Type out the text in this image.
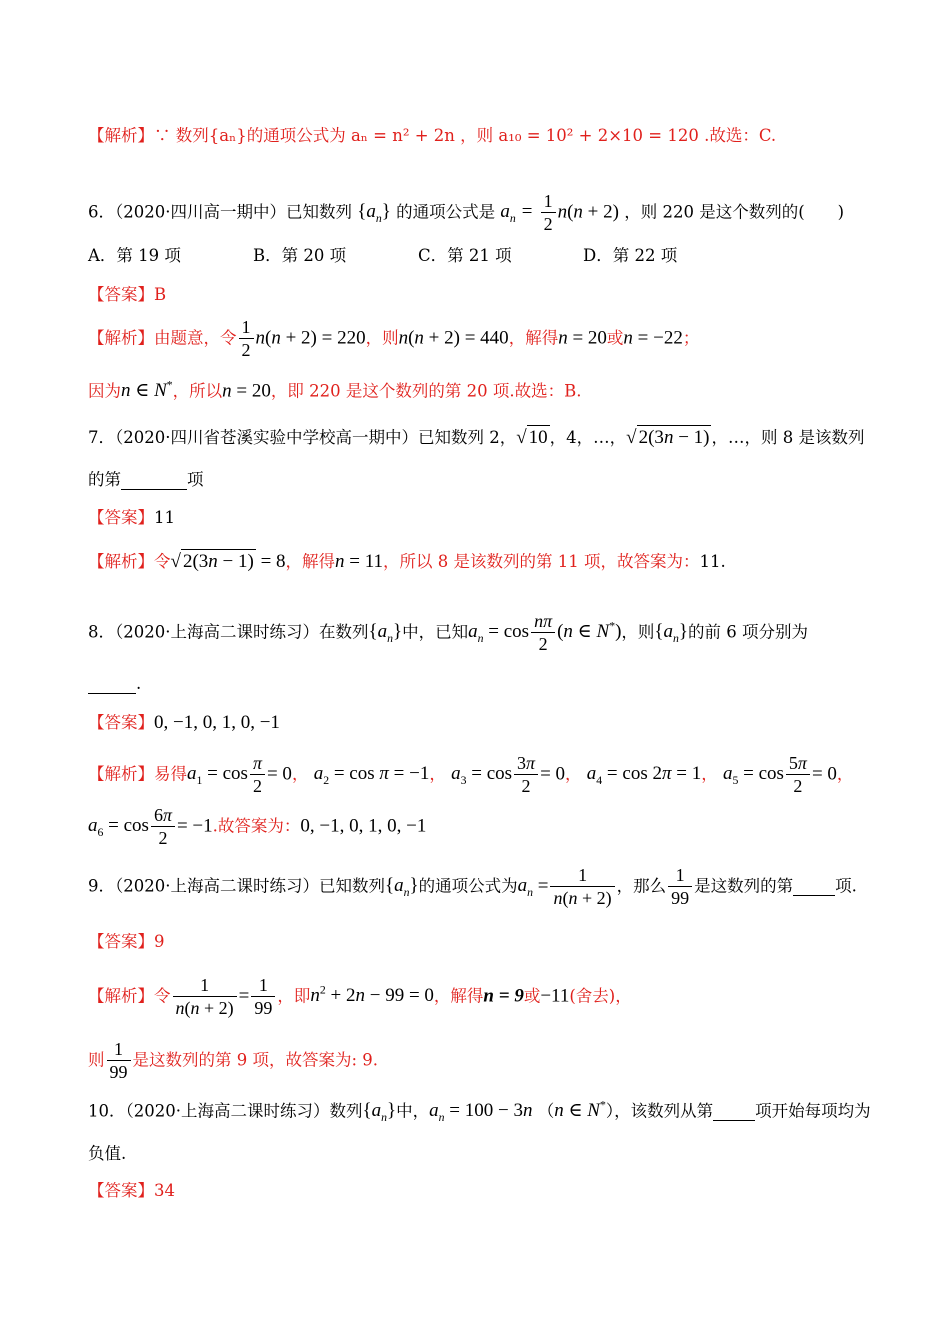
【解析】∵ 数列{aₙ}的通项公式为 aₙ = n² + 2n ，则 a₁₀ = 10² + 2×10 = 120 .故选：C.
6．（2020·四川高一期中）已知数列 $\{a_n\}$ 的通项公式是 $a_n = \frac{1}{2} n(n + 2)$ ，则 220 是这个数列的(　　)
A．第 19 项	B．第 20 项	C．第 21 项	D．第 22 项
【答案】B
【解析】由题意，令 $\frac{1}{2} n(n + 2) = 220$，则n(n + 2) = 440，解得n = 20或n = −22；
因为n ∈ N*，所以n = 20，即 220 是这个数列的第 20 项.故选：B.
7．（2020·四川省苍溪实验中学校高一期中）已知数列 2，√ 10 ，4，…，√ 2(3n − 1) ，…，则 8 是该数列
的第	项
【答案】11
【解析】令√ 2(3n − 1) = 8，解得n = 11，所以 8 是该数列的第 11 项，故答案为：11.
8．（2020·上海高二课时练习）在数列$\{a_n\}$中，已知$a_n = \cos \frac{n\pi}{2} (n$ ∈ N*)，则$\{a_n\}$的前 6 项分别为
.
【答案】0, −1, 0, 1, 0, −1
【解析】易得$a_1 = \cos \frac{\pi}{2} = 0$， $a_2 = \cos \pi = -1$， $a_3 = \cos \frac{3\pi}{2} = 0$， $a_4 = \cos 2\pi = 1$， $a_5 = \cos \frac{5\pi}{2} = 0$，
$a_6 = \cos \frac{6\pi}{2} = -1$.故答案为：0, −1, 0, 1, 0, −1
9．（2020·上海高二课时练习）已知数列$\{a_n\}$的通项公式为$a_n = \frac{1}{n(n + 2)}$ ，那么 $\frac{1}{99}$ 是这数列的第	项.
【答案】9
【解析】令 $\frac{1}{n(n + 2)} = \frac{1}{99}$ ，即$n^2 + 2n - 99 = 0$，解得n = 9或−11(舍去)，
则 $\frac{1}{99}$ 是这数列的第 9 项，故答案为: 9.
10．（2020·上海高二课时练习）数列$\{a_n\}$中，$a_n = 100 - 3n$ （n ∈ N*），该数列从第	项开始每项均为
负值.
【答案】34
